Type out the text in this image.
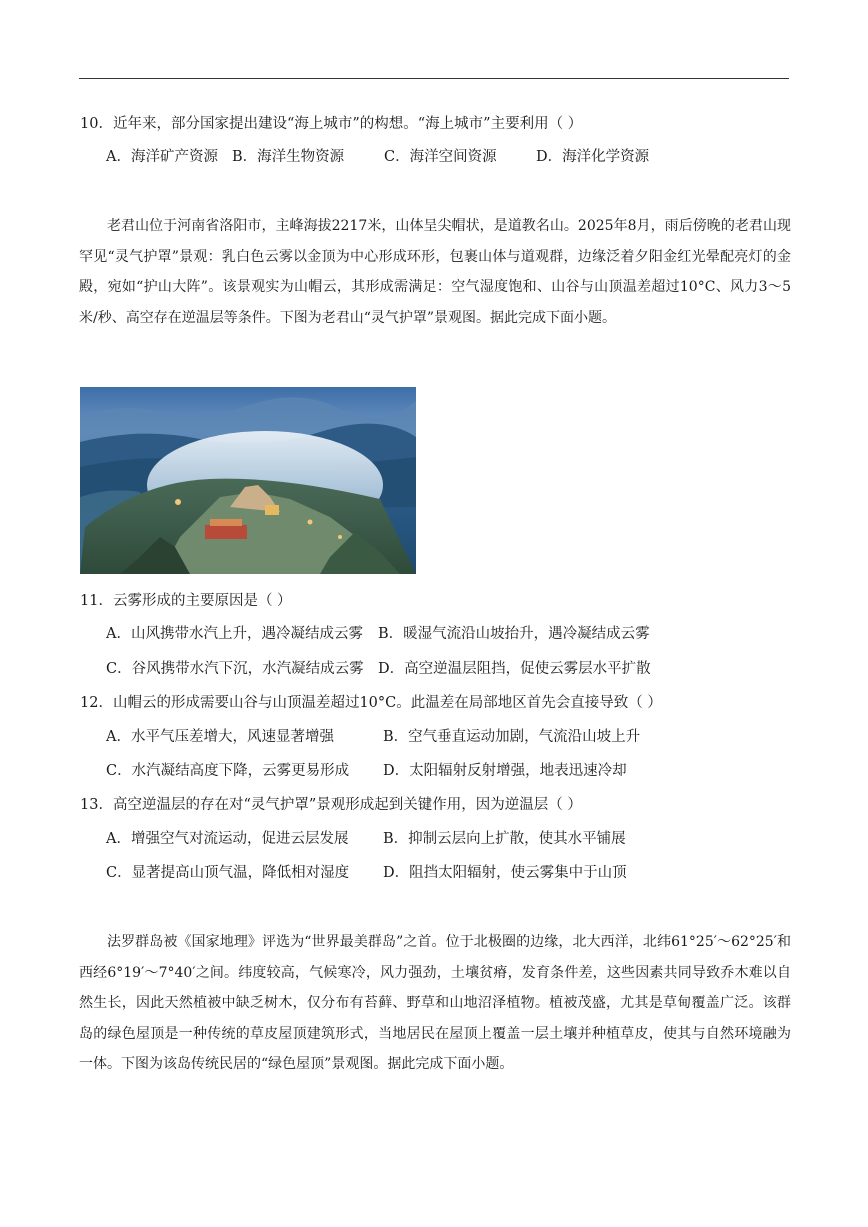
10．近年来，部分国家提出建设“海上城市”的构想。“海上城市”主要利用（ ）
A．海洋矿产资源 B．海洋生物资源	C．海洋空间资源	D．海洋化学资源
老君山位于河南省洛阳市，主峰海拔2217米，山体呈尖帽状，是道教名山。2025年8月，雨后傍晚的老君山现罕见“灵气护罩”景观：乳白色云雾以金顶为中心形成环形，包裹山体与道观群，边缘泛着夕阳金红光晕配亮灯的金殿，宛如“护山大阵”。该景观实为山帽云，其形成需满足：空气湿度饱和、山谷与山顶温差超过10°C、风力3～5米/秒、高空存在逆温层等条件。下图为老君山“灵气护罩”景观图。据此完成下面小题。
11．云雾形成的主要原因是（ ）
A．山风携带水汽上升，遇冷凝结成云雾 B．暖湿气流沿山坡抬升，遇冷凝结成云雾
C．谷风携带水汽下沉，水汽凝结成云雾 D．高空逆温层阻挡，促使云雾层水平扩散
12．山帽云的形成需要山谷与山顶温差超过10°C。此温差在局部地区首先会直接导致（ ）
A．水平气压差增大，风速显著增强	B．空气垂直运动加剧，气流沿山坡上升
C．水汽凝结高度下降，云雾更易形成 D．太阳辐射反射增强，地表迅速冷却
13．高空逆温层的存在对“灵气护罩”景观形成起到关键作用，因为逆温层（ ）
A．增强空气对流运动，促进云层发展 B．抑制云层向上扩散，使其水平铺展
C．显著提高山顶气温，降低相对湿度 D．阻挡太阳辐射，使云雾集中于山顶
法罗群岛被《国家地理》评选为“世界最美群岛”之首。位于北极圈的边缘，北大西洋，北纬61°25′～62°25′和西经6°19′～7°40′之间。纬度较高，气候寒冷，风力强劲，土壤贫瘠，发育条件差，这些因素共同导致乔木难以自然生长，因此天然植被中缺乏树木，仅分布有苔藓、野草和山地沼泽植物。植被茂盛，尤其是草甸覆盖广泛。该群岛的绿色屋顶是一种传统的草皮屋顶建筑形式，当地居民在屋顶上覆盖一层土壤并种植草皮，使其与自然环境融为一体。下图为该岛传统民居的“绿色屋顶”景观图。据此完成下面小题。
